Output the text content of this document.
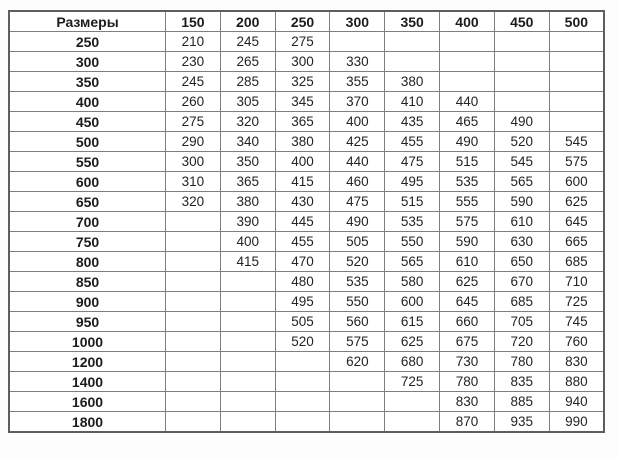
Размеры	150	200	250	300	350	400	450	500
250	210	245	275					
300	230	265	300	330				
350	245	285	325	355	380			
400	260	305	345	370	410	440		
450	275	320	365	400	435	465	490	
500	290	340	380	425	455	490	520	545
550	300	350	400	440	475	515	545	575
600	310	365	415	460	495	535	565	600
650	320	380	430	475	515	555	590	625
700		390	445	490	535	575	610	645
750		400	455	505	550	590	630	665
800		415	470	520	565	610	650	685
850			480	535	580	625	670	710
900			495	550	600	645	685	725
950			505	560	615	660	705	745
1000			520	575	625	675	720	760
1200				620	680	730	780	830
1400					725	780	835	880
1600						830	885	940
1800						870	935	990
